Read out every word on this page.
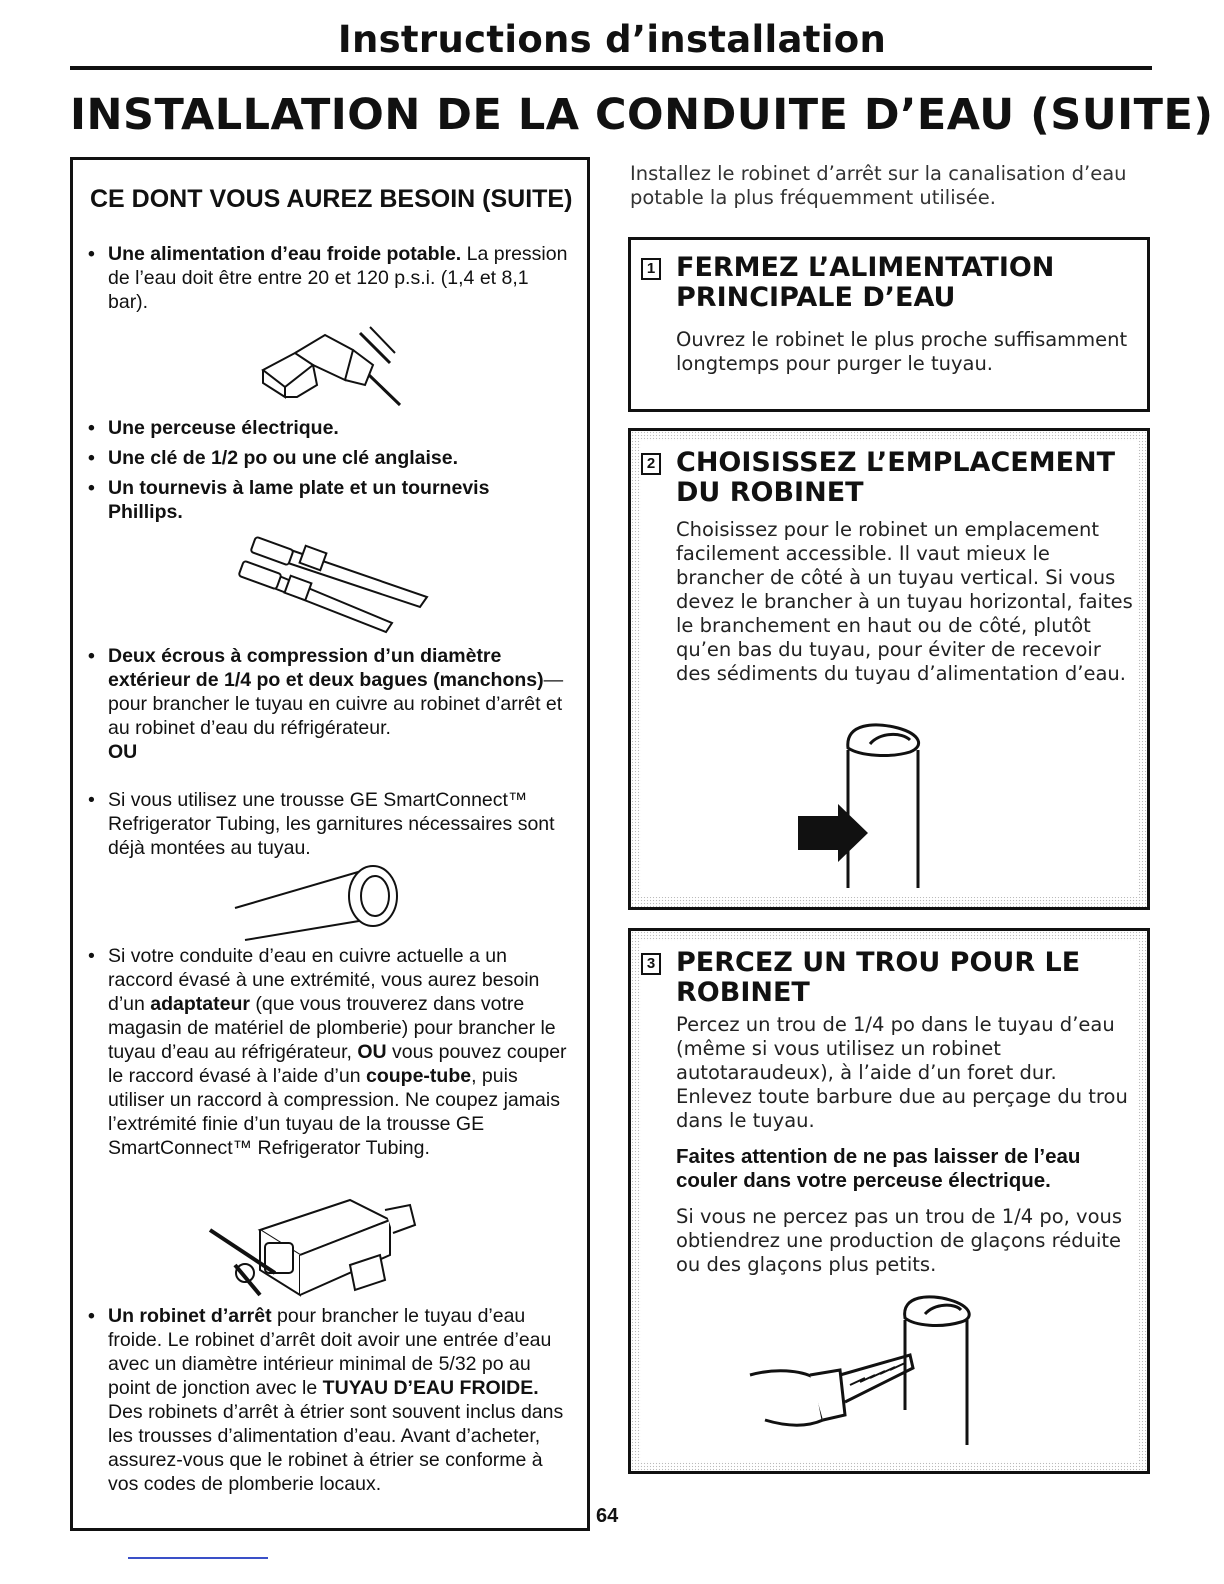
Instructions d’installation
INSTALLATION DE LA CONDUITE D’EAU (SUITE)
CE DONT VOUS AUREZ BESOIN (SUITE)
• Une alimentation d’eau froide potable. La pression de l’eau doit être entre 20 et 120 p.s.i. (1,4 et 8,1 bar).
• Une perceuse électrique.
• Une clé de 1/2 po ou une clé anglaise.
• Un tournevis à lame plate et un tournevis Phillips.
• Deux écrous à compression d’un diamètre extérieur de 1/4 po et deux bagues (manchons)—pour brancher le tuyau en cuivre au robinet d’arrêt et au robinet d’eau du réfrigérateur.
OU
• Si vous utilisez une trousse GE SmartConnect™ Refrigerator Tubing, les garnitures nécessaires sont déjà montées au tuyau.
• Si votre conduite d’eau en cuivre actuelle a un raccord évasé à une extrémité, vous aurez besoin d’un adaptateur (que vous trouverez dans votre magasin de matériel de plomberie) pour brancher le tuyau d’eau au réfrigérateur, OU vous pouvez couper le raccord évasé à l’aide d’un coupe-tube, puis utiliser un raccord à compression. Ne coupez jamais l’extrémité finie d’un tuyau de la trousse GE SmartConnect™ Refrigerator Tubing.
• Un robinet d’arrêt pour brancher le tuyau d’eau froide. Le robinet d’arrêt doit avoir une entrée d’eau avec un diamètre intérieur minimal de 5/32 po au point de jonction avec le TUYAU D’EAU FROIDE. Des robinets d’arrêt à étrier sont souvent inclus dans les trousses d’alimentation d’eau. Avant d’acheter, assurez-vous que le robinet à étrier se conforme à vos codes de plomberie locaux.
Installez le robinet d’arrêt sur la canalisation d’eau potable la plus fréquemment utilisée.
1 FERMEZ L’ALIMENTATION PRINCIPALE D’EAU
Ouvrez le robinet le plus proche suffisamment longtemps pour purger le tuyau.
2 CHOISISSEZ L’EMPLACEMENT DU ROBINET
Choisissez pour le robinet un emplacement facilement accessible. Il vaut mieux le brancher de côté à un tuyau vertical. Si vous devez le brancher à un tuyau horizontal, faites le branchement en haut ou de côté, plutôt qu’en bas du tuyau, pour éviter de recevoir des sédiments du tuyau d’alimentation d’eau.
3 PERCEZ UN TROU POUR LE ROBINET
Percez un trou de 1/4 po dans le tuyau d’eau (même si vous utilisez un robinet autotaraudeux), à l’aide d’un foret dur. Enlevez toute barbure due au perçage du trou dans le tuyau.
Faites attention de ne pas laisser de l’eau couler dans votre perceuse électrique.
Si vous ne percez pas un trou de 1/4 po, vous obtiendrez une production de glaçons réduite ou des glaçons plus petits.
64
